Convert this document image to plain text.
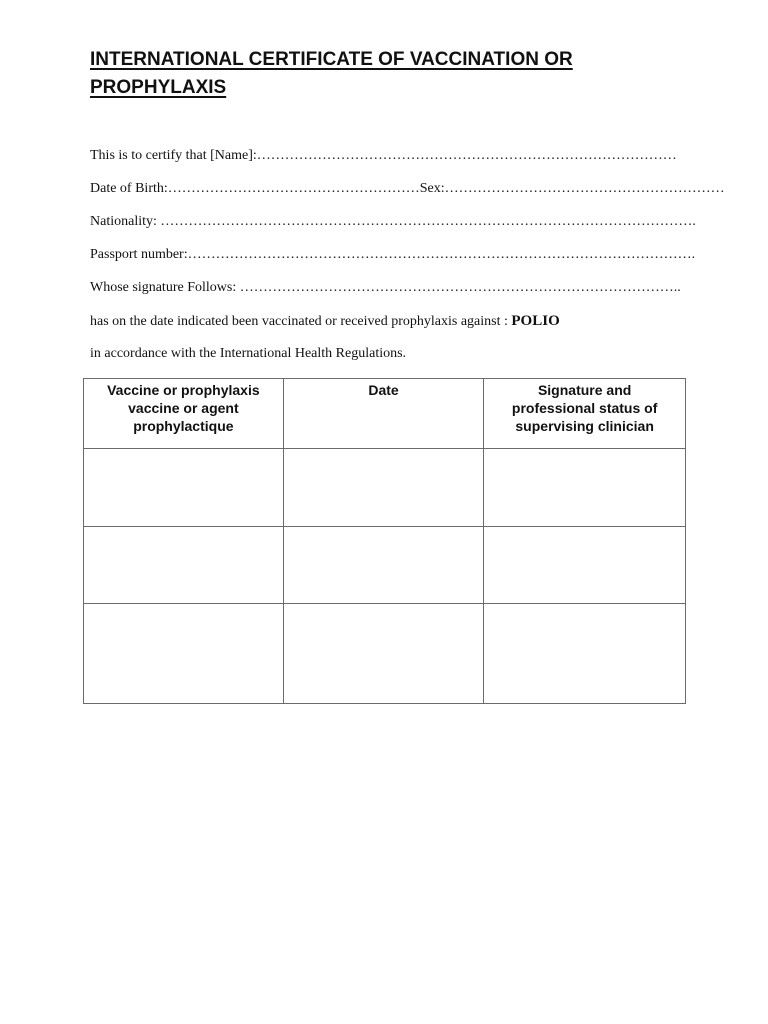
INTERNATIONAL CERTIFICATE OF VACCINATION OR PROPHYLAXIS
This is to certify that [Name]:………………………………………………………………………………
Date of Birth:………………………………………………Sex:……………………………………………………
Nationality: …………………………………………………………………………………………………….
Passport number:……………………………………………………………………………………………….
Whose signature Follows: …………………………………………………………………………………..
has on the date indicated been vaccinated or received prophylaxis against : POLIO
in accordance with the International Health Regulations.
Vaccine or prophylaxis vaccine or agent prophylactique	Date	Signature and professional status of supervising clinician
